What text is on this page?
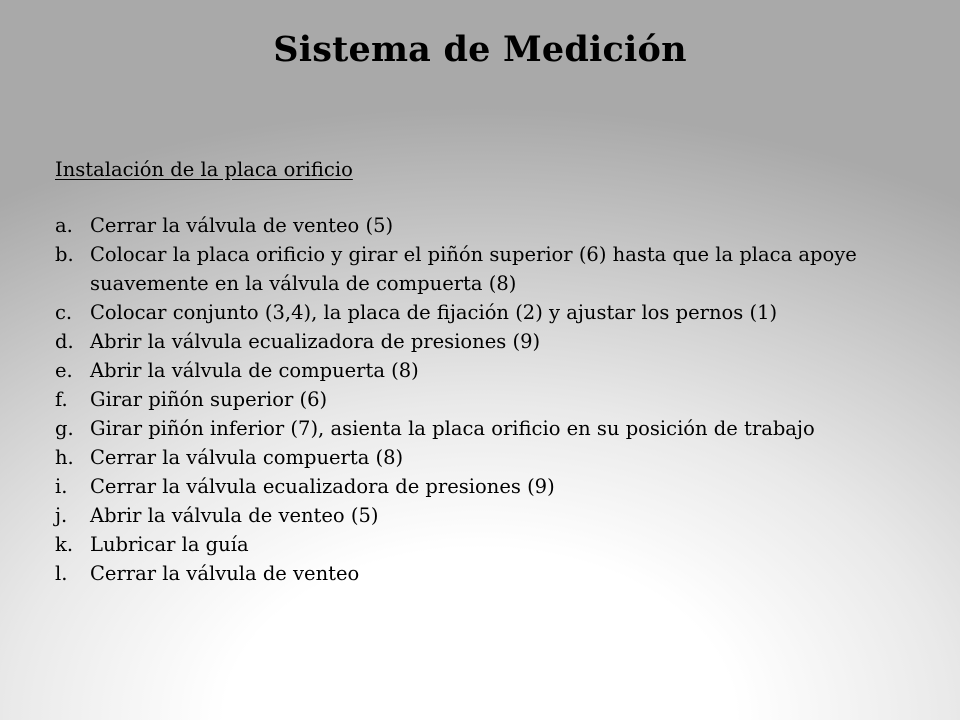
Sistema de Medición
Instalación de la placa orificio
a. Cerrar la válvula de venteo (5)
b. Colocar la placa orificio y girar el piñón superior (6) hasta que la placa apoye suavemente en la válvula de compuerta (8)
c. Colocar conjunto (3,4), la placa de fijación (2) y ajustar los pernos (1)
d. Abrir la válvula ecualizadora de presiones (9)
e. Abrir la válvula de compuerta (8)
f.	Girar piñón superior (6)
g. Girar piñón inferior (7), asienta la placa orificio en su posición de trabajo
h. Cerrar la válvula compuerta (8)
i.	Cerrar la válvula ecualizadora de presiones (9)
j.	Abrir la válvula de venteo (5)
k. Lubricar la guía
l.	Cerrar la válvula de venteo
